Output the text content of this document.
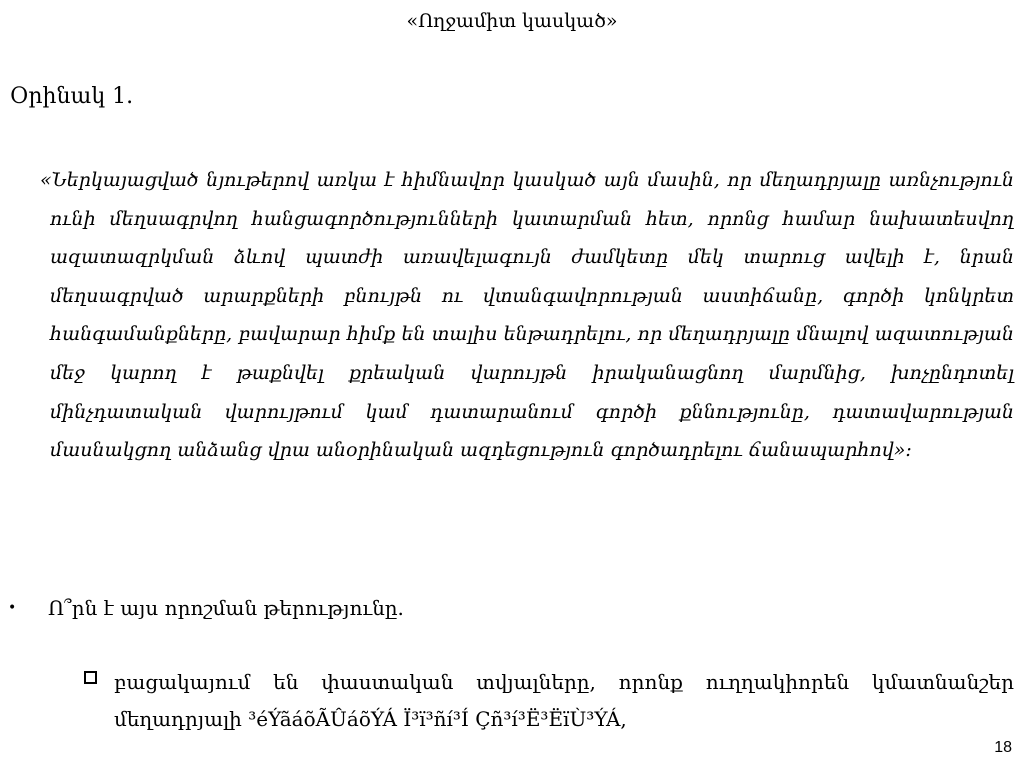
«Ողջամիտ կասկած»
Օրինակ 1.

«Ներկայացված նյութերով առկա է հիմնավոր կասկած այն մասին, որ մեղադրյալը առնչություն ունի մեղսագրվող հանցագործությունների կատարման հետ, որոնց համար նախատեսվող ազատազրկման ձևով պատժի առավելագույն ժամկետը մեկ տարուց ավելի է, նրան մեղսագրված արարքների բնույթն ու վտանգավորության աստիճանը, գործի կոնկրետ հանգամանքները, բավարար հիմք են տալիս ենթադրելու, որ մեղադրյալը մնալով ազատության մեջ կարող է թաքնվել քրեական վարույթն իրականացնող մարմնից, խոչընդոտել մինչդատական վարույթում կամ դատարանում գործի քննությունը, դատավարության մասնակցող անձանց վրա անօրինական ազդեցություն գործադրելու ճանապարհով»:

• Ո՞րն է այս որոշման թերությունը.

բացակայում են փաստական տվյալները, որոնք ուղղակիորեն կմատնանշեր մեղադրյալի ³éÝãáõÃÛáõÝÁ Ï³ï³ñí³Í Çñ³í³Ë³ËïÙ³ÝÁ,

18
